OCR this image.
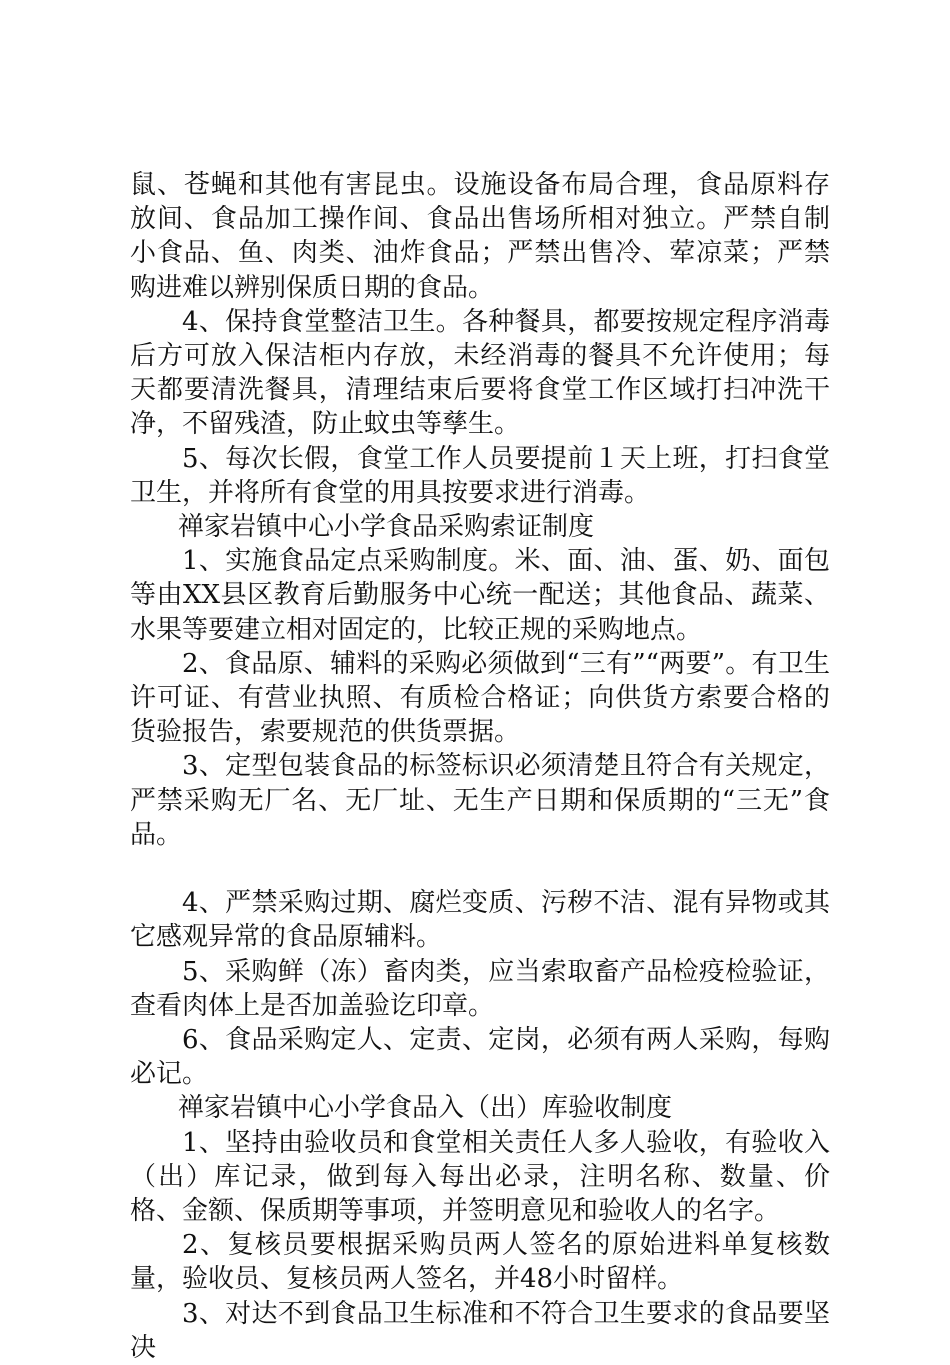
鼠、苍蝇和其他有害昆虫。设施设备布局合理，食品原料存放间、食品加工操作间、食品出售场所相对独立。严禁自制小食品、鱼、肉类、油炸食品；严禁出售冷、荤凉菜；严禁购进难以辨别保质日期的食品。

4、保持食堂整洁卫生。各种餐具，都要按规定程序消毒后方可放入保洁柜内存放，未经消毒的餐具不允许使用；每天都要清洗餐具，清理结束后要将食堂工作区域打扫冲洗干净，不留残渣，防止蚊虫等孳生。

5、每次长假，食堂工作人员要提前１天上班，打扫食堂卫生，并将所有食堂的用具按要求进行消毒。

禅家岩镇中心小学食品采购索证制度

1、实施食品定点采购制度。米、面、油、蛋、奶、面包等由XX县区教育后勤服务中心统一配送；其他食品、蔬菜、水果等要建立相对固定的，比较正规的采购地点。

2、食品原、辅料的采购必须做到“三有”“两要”。有卫生许可证、有营业执照、有质检合格证；向供货方索要合格的货验报告，索要规范的供货票据。

3、定型包装食品的标签标识必须清楚且符合有关规定，严禁采购无厂名、无厂址、无生产日期和保质期的“三无”食品。

4、严禁采购过期、腐烂变质、污秽不洁、混有异物或其它感观异常的食品原辅料。

5、采购鲜（冻）畜肉类，应当索取畜产品检疫检验证，查看肉体上是否加盖验讫印章。

6、食品采购定人、定责、定岗，必须有两人采购，每购必记。

禅家岩镇中心小学食品入（出）库验收制度

1、坚持由验收员和食堂相关责任人多人验收，有验收入（出）库记录，做到每入每出必录，注明名称、数量、价格、金额、保质期等事项，并签明意见和验收人的名字。

2、复核员要根据采购员两人签名的原始进料单复核数量，验收员、复核员两人签名，并48小时留样。

3、对达不到食品卫生标准和不符合卫生要求的食品要坚决
